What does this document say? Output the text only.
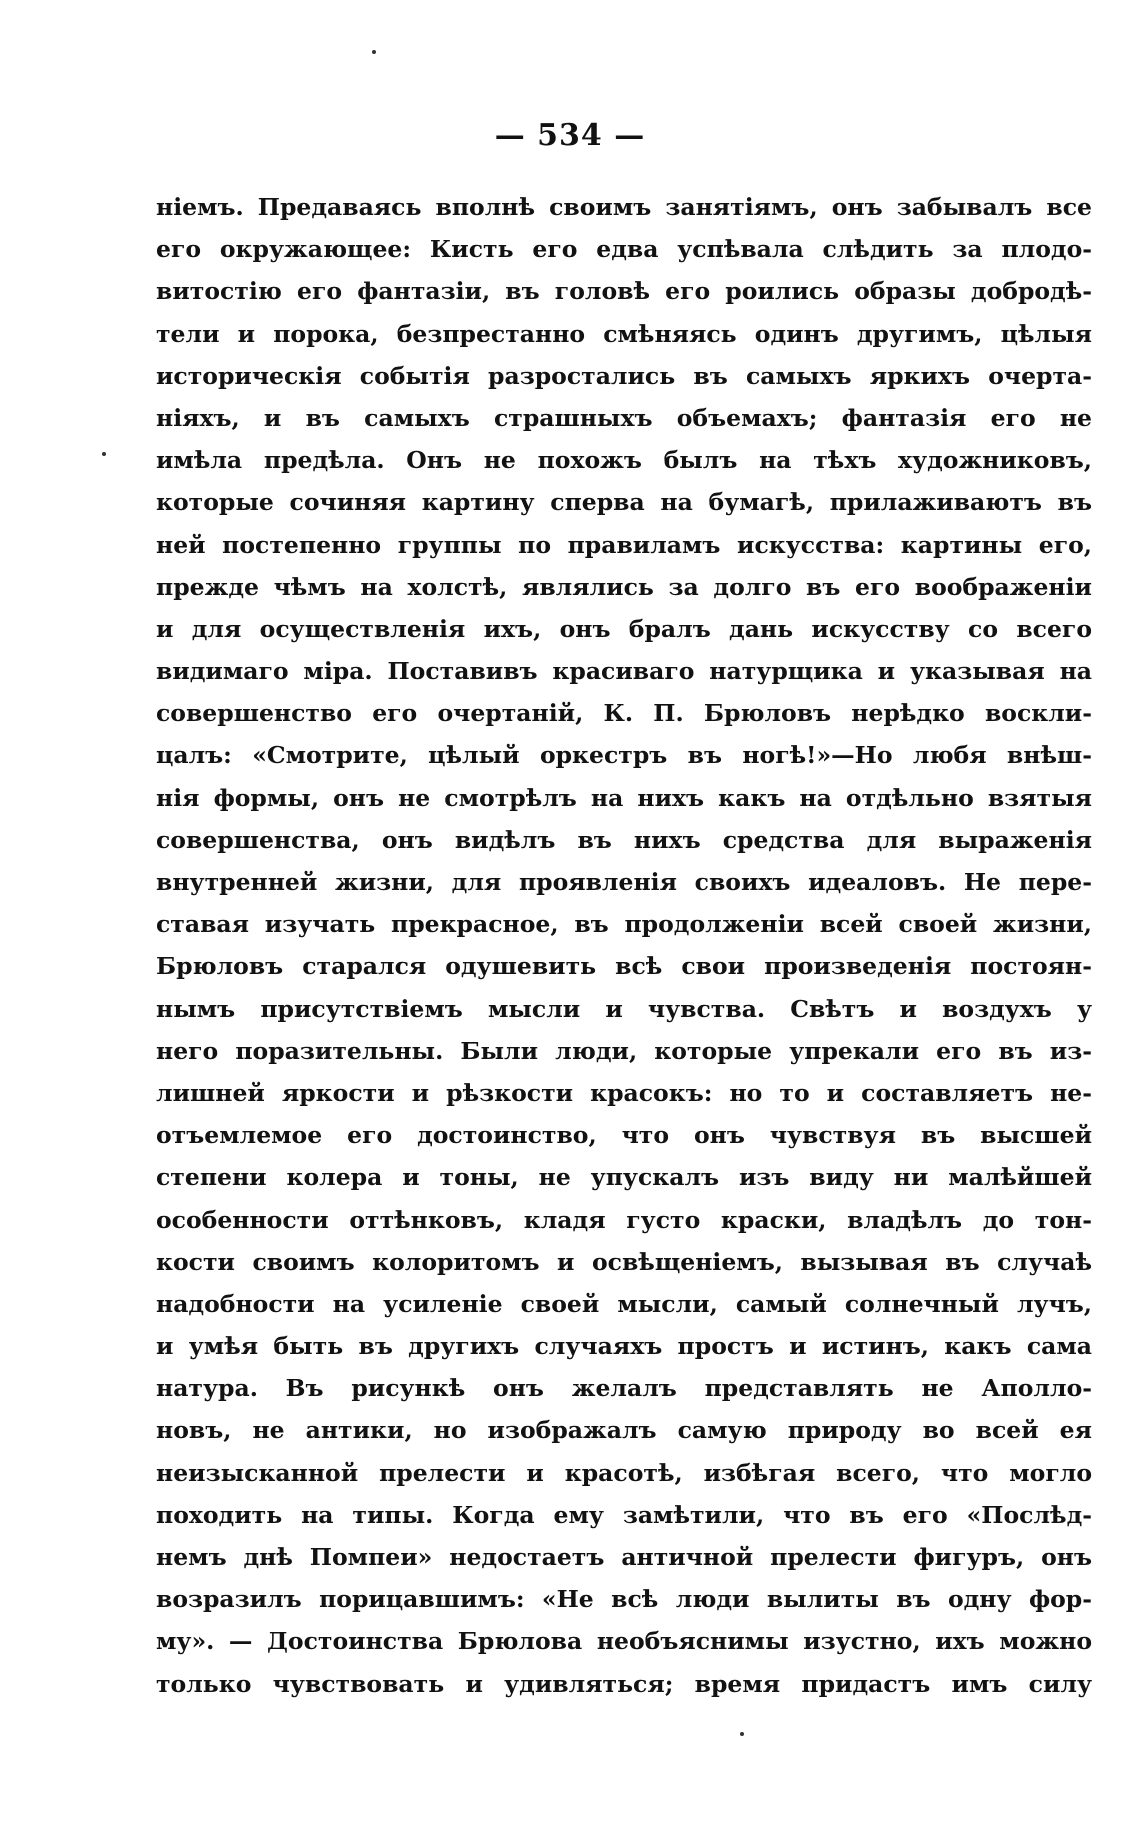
— 534 —
ніемъ. Предаваясь вполнѣ своимъ занятіямъ, онъ забывалъ все
его окружающее: Кисть его едва успѣвала слѣдить за плодо-
витостію его фантазіи, въ головѣ его роились образы добродѣ-
тели и порока, безпрестанно смѣняясь одинъ другимъ, цѣлыя
историческія событія разростались въ самыхъ яркихъ очерта-
ніяхъ, и въ самыхъ страшныхъ объемахъ; фантазія его не
имѣла предѣла. Онъ не похожъ былъ на тѣхъ художниковъ,
которые сочиняя картину сперва на бумагѣ, прилаживаютъ въ
ней постепенно группы по правиламъ искусства: картины его,
прежде чѣмъ на холстѣ, являлись за долго въ его воображеніи
и для осуществленія ихъ, онъ бралъ дань искусству со всего
видимаго міра. Поставивъ красиваго натурщика и указывая на
совершенство его очертаній, К. П. Брюловъ нерѣдко воскли-
цалъ: «Смотрите, цѣлый оркестръ въ ногѣ!»—Но любя внѣш-
нія формы, онъ не смотрѣлъ на нихъ какъ на отдѣльно взятыя
совершенства, онъ видѣлъ въ нихъ средства для выраженія
внутренней жизни, для проявленія своихъ идеаловъ. Не пере-
ставая изучать прекрасное, въ продолженіи всей своей жизни,
Брюловъ старался одушевить всѣ свои произведенія постоян-
нымъ присутствіемъ мысли и чувства. Свѣтъ и воздухъ у
него поразительны. Были люди, которые упрекали его въ из-
лишней яркости и рѣзкости красокъ: но то и составляетъ не-
отъемлемое его достоинство, что онъ чувствуя въ высшей
степени колера и тоны, не упускалъ изъ виду ни малѣйшей
особенности оттѣнковъ, кладя густо краски, владѣлъ до тон-
кости своимъ колоритомъ и освѣщеніемъ, вызывая въ случаѣ
надобности на усиленіе своей мысли, самый солнечный лучъ,
и умѣя быть въ другихъ случаяхъ простъ и истинъ, какъ сама
натура. Въ рисункѣ онъ желалъ представлять не Аполло-
новъ, не антики, но изображалъ самую природу во всей ея
неизысканной прелести и красотѣ, избѣгая всего, что могло
походить на типы. Когда ему замѣтили, что въ его «Послѣд-
немъ днѣ Помпеи» недостаетъ античной прелести фигуръ, онъ
возразилъ порицавшимъ: «Не всѣ люди вылиты въ одну фор-
му». — Достоинства Брюлова необъяснимы изустно, ихъ можно
только чувствовать и удивляться; время придастъ имъ силу
